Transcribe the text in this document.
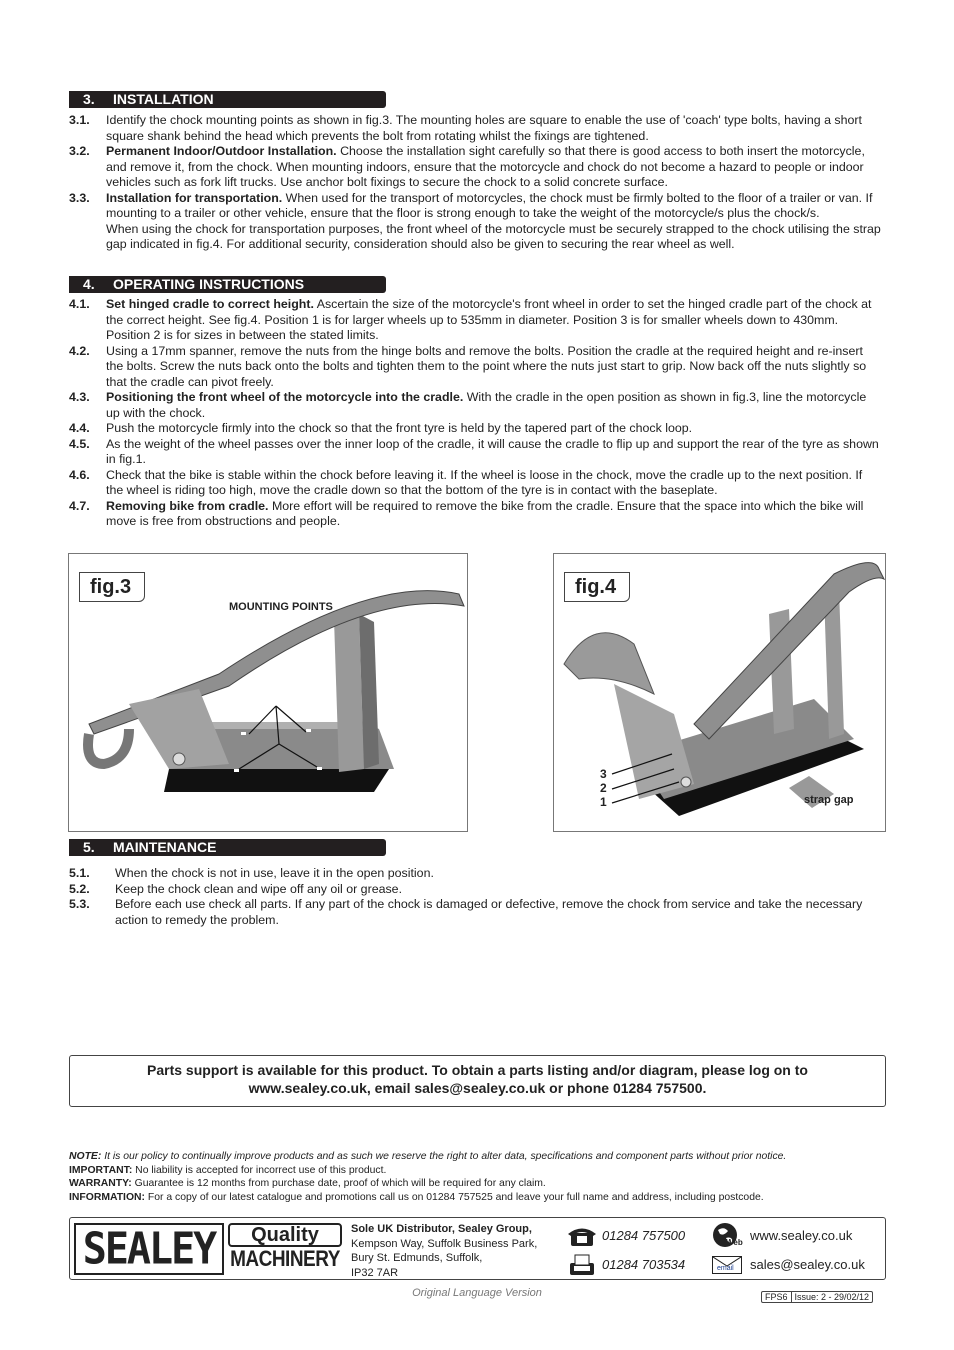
3. INSTALLATION
3.1.	Identify the chock mounting points as shown in fig.3. The mounting holes are square to enable the use of 'coach' type bolts, having a short square shank behind the head which prevents the bolt from rotating whilst the fixings are tightened.
3.2.	Permanent Indoor/Outdoor Installation. Choose the installation sight carefully so that there is good access to both insert the motorcycle, and remove it, from the chock. When mounting indoors, ensure that the motorcycle and chock do not become a hazard to people or indoor vehicles such as fork lift trucks. Use anchor bolt fixings to secure the chock to a solid concrete surface.
3.3.	Installation for transportation. When used for the transport of motorcycles, the chock must be firmly bolted to the floor of a trailer or van. If mounting to a trailer or other vehicle, ensure that the floor is strong enough to take the weight of the motorcycle/s plus the chock/s.
When using the chock for transportation purposes, the front wheel of the motorcycle must be securely strapped to the chock utilising the strap gap indicated in fig.4. For additional security, consideration should also be given to securing the rear wheel as well.
4. OPERATING INSTRUCTIONS
4.1.	Set hinged cradle to correct height. Ascertain the size of the motorcycle's front wheel in order to set the hinged cradle part of the chock at the correct height. See fig.4. Position 1 is for larger wheels up to 535mm in diameter. Position 3 is for smaller wheels down to 430mm. Position 2 is for sizes in between the stated limits.
4.2.	Using a 17mm spanner, remove the nuts from the hinge bolts and remove the bolts. Position the cradle at the required height and re-insert the bolts. Screw the nuts back onto the bolts and tighten them to the point where the nuts just start to grip. Now back off the nuts slightly so that the cradle can pivot freely.
4.3.	Positioning the front wheel of the motorcycle into the cradle. With the cradle in the open position as shown in fig.3, line the motorcycle up with the chock.
4.4.	Push the motorcycle firmly into the chock so that the front tyre is held by the tapered part of the chock loop.
4.5.	As the weight of the wheel passes over the inner loop of the cradle, it will cause the cradle to flip up and support the rear of the tyre as shown in fig.1.
4.6.	Check that the bike is stable within the chock before leaving it. If the wheel is loose in the chock, move the cradle up to the next position. If the wheel is riding too high, move the cradle down so that the bottom of the tyre is in contact with the baseplate.
4.7.	Removing bike from cradle. More effort will be required to remove the bike from the cradle. Ensure that the space into which the bike will move is free from obstructions and people.
fig.3
MOUNTING POINTS
fig.4
3
2
1	strap gap
5. MAINTENANCE
5.1.	When the chock is not in use, leave it in the open position.
5.2.	Keep the chock clean and wipe off any oil or grease.
5.3.	Before each use check all parts. If any part of the chock is damaged or defective, remove the chock from service and take the necessary action to remedy the problem.
Parts support is available for this product. To obtain a parts listing and/or diagram, please log on to
www.sealey.co.uk, email sales@sealey.co.uk or phone 01284 757500.
NOTE: It is our policy to continually improve products and as such we reserve the right to alter data, specifications and component parts without prior notice.
IMPORTANT: No liability is accepted for incorrect use of this product.
WARRANTY: Guarantee is 12 months from purchase date, proof of which will be required for any claim.
INFORMATION: For a copy of our latest catalogue and promotions call us on 01284 757525 and leave your full name and address, including postcode.
SEALEY	Quality
MACHINERY
Sole UK Distributor, Sealey Group,
Kempson Way, Suffolk Business Park,
Bury St. Edmunds, Suffolk,
IP32 7AR
01284 757500
01284 703534
Web www.sealey.co.uk
email sales@sealey.co.uk
Original Language Version	FPS6 Issue: 2 - 29/02/12
